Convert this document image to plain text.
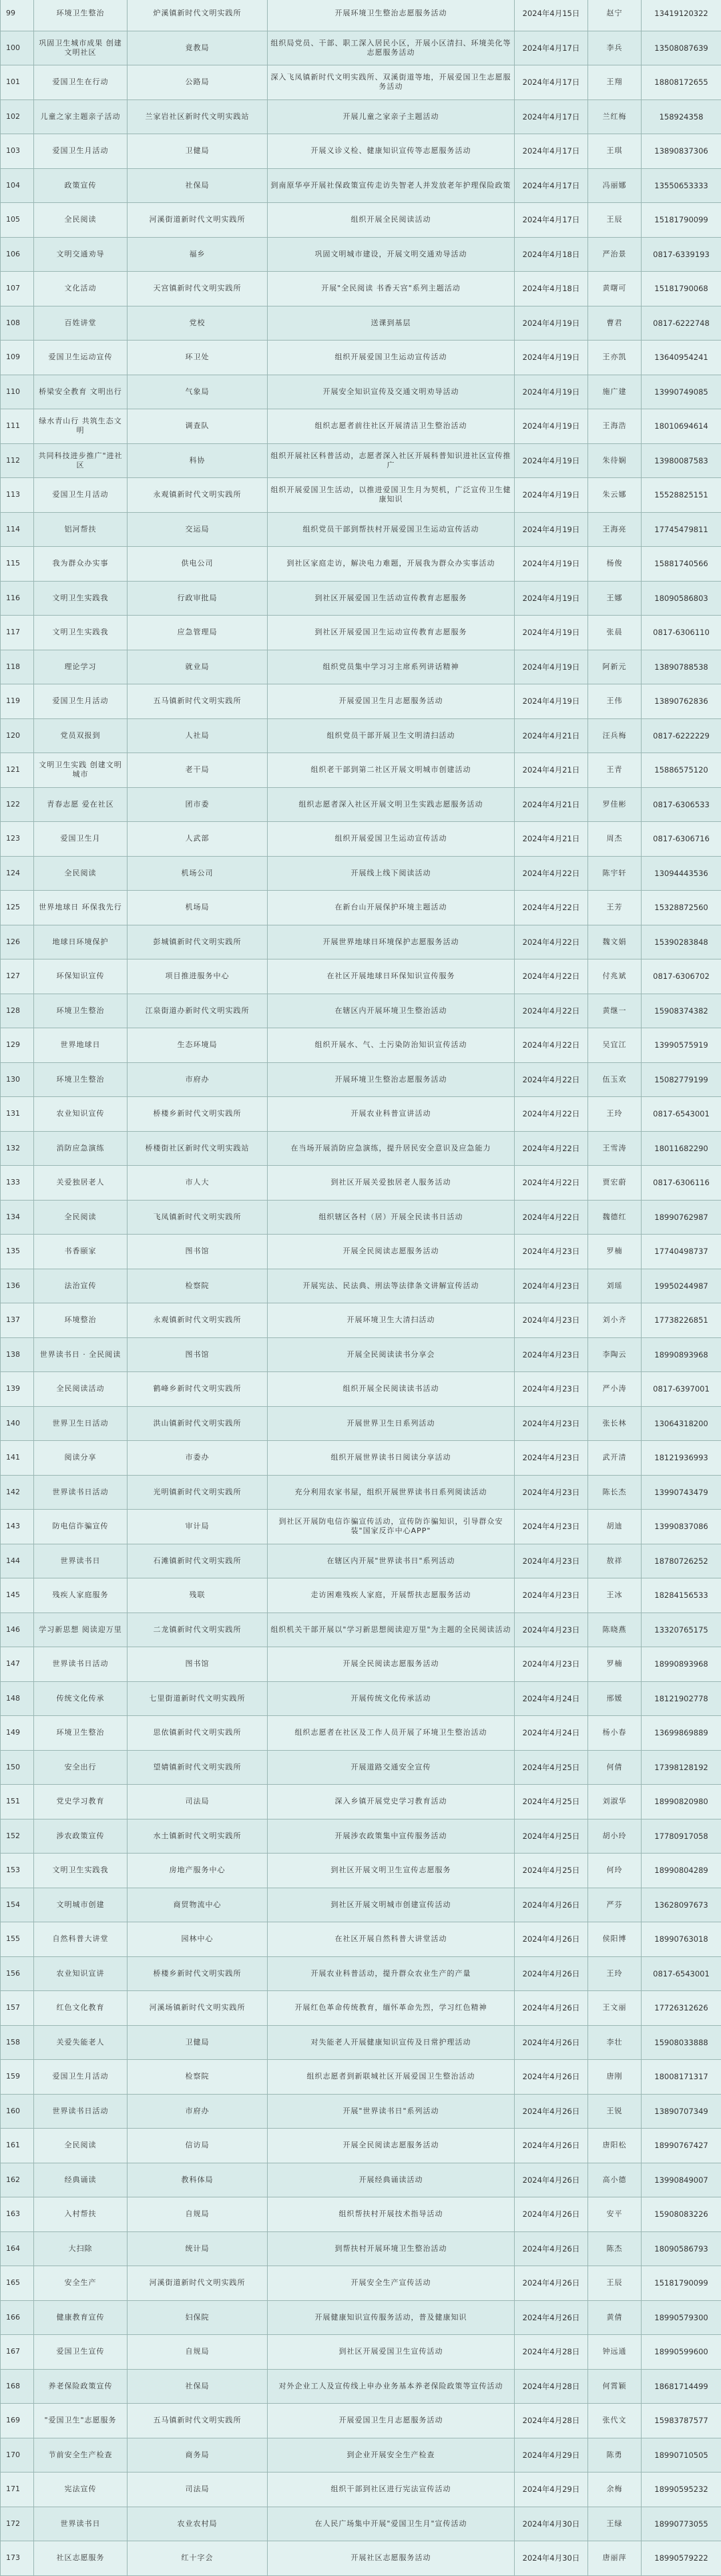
99	环境卫生整治	炉溪镇新时代文明实践所	开展环境卫生整治志愿服务活动	2024年4月15日	赵宁	13419120322
100	巩固卫生城市成果 创建文明社区	竟教局	组织局党员、干部、职工深入居民小区，开展小区清扫、环境美化等志愿服务活动	2024年4月17日	李兵	13508087639
101	爱国卫生在行动	公路局	深入飞凤镇新时代文明实践所、双溪街道等地，开展爱国卫生志愿服务活动	2024年4月17日	王翔	18808172655
102	儿童之家主题亲子活动	兰家岩社区新时代文明实践站	开展儿童之家亲子主题活动	2024年4月17日	兰红梅	158924358
103	爱国卫生月活动	卫健局	开展义诊义检、健康知识宣传等志愿服务活动	2024年4月17日	王琪	13890837306
104	政策宣传	社保局	到南原华亭开展社保政策宣传走访失智老人并发放老年护理保险政策	2024年4月17日	冯丽娜	13550653333
105	全民阅读	河溪街道新时代文明实践所	组织开展全民阅读活动	2024年4月17日	王辰	15181790099
106	文明交通劝导	福乡	巩固文明城市建设，开展文明交通劝导活动	2024年4月18日	严治景	0817-6339193
107	文化活动	天宫镇新时代文明实践所	开展"全民阅读 书香天宫"系列主题活动	2024年4月18日	黄曙可	15181790068
108	百姓讲堂	党校	送课到基层	2024年4月19日	曹君	0817-6222748
109	爱国卫生运动宣传	环卫处	组织开展爱国卫生运动宣传活动	2024年4月19日	王亦凯	13640954241
110	桥梁安全教育 文明出行	气象局	开展安全知识宣传及交通文明劝导活动	2024年4月19日	施广建	13990749085
111	绿水青山行 共筑生态文明	调查队	组织志愿者前往社区开展清洁卫生整治活动	2024年4月19日	王海浩	18010694614
112	共同科技进步推广"进社区	科协	组织开展社区科普活动，志愿者深入社区开展科普知识进社区宣传推广	2024年4月19日	朱待娴	13980087583
113	爱国卫生月活动	永观镇新时代文明实践所	组织开展爱国卫生活动，以推进爱国卫生月为契机，广泛宣传卫生健康知识	2024年4月19日	朱云娜	15528825151
114	铝河帮扶	交运局	组织党员干部到帮扶村开展爱国卫生运动宣传活动	2024年4月19日	王海亮	17745479811
115	我为群众办实事	供电公司	到社区家庭走访，解决电力难题，开展我为群众办实事活动	2024年4月19日	杨俊	15881740566
116	文明卫生实践我	行政审批局	到社区开展爱国卫生活动宣传教育志愿服务	2024年4月19日	王娜	18090586803
117	文明卫生实践我	应急管理局	到社区开展爱国卫生运动宣传教育志愿服务	2024年4月19日	张晨	0817-6306110
118	理论学习	就业局	组织党员集中学习习主席系列讲话精神	2024年4月19日	阿新元	13890788538
119	爱国卫生月活动	五马镇新时代文明实践所	开展爱国卫生月志愿服务活动	2024年4月19日	王伟	13890762836
120	党员双报到	人社局	组织党员干部开展卫生文明清扫活动	2024年4月21日	汪兵梅	0817-6222229
121	文明卫生实践 创建文明城市	老干局	组织老干部到第二社区开展文明城市创建活动	2024年4月21日	王青	15886575120
122	青春志愿 爱在社区	团市委	组织志愿者深入社区开展文明卫生实践志愿服务活动	2024年4月21日	罗佳彬	0817-6306533
123	爱国卫生月	人武部	组织开展爱国卫生运动宣传活动	2024年4月21日	周杰	0817-6306716
124	全民阅读	机场公司	开展线上线下阅读活动	2024年4月22日	陈宇轩	13094443536
125	世界地球日 环保我先行	机场局	在新台山开展保护环境主题活动	2024年4月22日	王芳	15328872560
126	地球日环境保护	彭城镇新时代文明实践所	开展世界地球日环境保护志愿服务活动	2024年4月22日	魏文娟	15390283848
127	环保知识宣传	项目推进服务中心	在社区开展地球日环保知识宣传服务	2024年4月22日	付兆斌	0817-6306702
128	环境卫生整治	江泉街道办新时代文明实践所	在辖区内开展环境卫生整治活动	2024年4月22日	黄继一	15908374382
129	世界地球日	生态环境局	组织开展水、气、土污染防治知识宣传活动	2024年4月22日	吴宜江	13990575919
130	环境卫生整治	市府办	开展环境卫生整治志愿服务活动	2024年4月22日	伍玉欢	15082779199
131	农业知识宣传	桥楼乡新时代文明实践所	开展农业科普宣讲活动	2024年4月22日	王玲	0817-6543001
132	消防应急演练	桥楼街社区新时代文明实践站	在当场开展消防应急演练，提升居民安全意识及应急能力	2024年4月22日	王雪涛	18011682290
133	关爱独居老人	市人大	到社区开展关爱独居老人服务活动	2024年4月22日	贾宏蔚	0817-6306116
134	全民阅读	飞凤镇新时代文明实践所	组织辖区各村（居）开展全民读书日活动	2024年4月22日	魏德红	18990762987
135	书香颐家	图书馆	开展全民阅读志愿服务活动	2024年4月23日	罗楠	17740498737
136	法治宣传	检察院	开展宪法、民法典、刑法等法律条文讲解宣传活动	2024年4月23日	刘瑶	19950244987
137	环境整治	永观镇新时代文明实践所	开展环境卫生大清扫活动	2024年4月23日	刘小齐	17738226851
138	世界读书日 · 全民阅读	图书馆	开展全民阅读读书分享会	2024年4月23日	李陶云	18990893968
139	全民阅读活动	鹤峰乡新时代文明实践所	组织开展全民阅读读书活动	2024年4月23日	严小涛	0817-6397001
140	世界卫生日活动	洪山镇新时代文明实践所	开展世界卫生日系列活动	2024年4月23日	张长林	13064318200
141	阅读分享	市委办	组织开展世界读书日阅读分享活动	2024年4月23日	武开清	18121936993
142	世界读书日活动	光明镇新时代文明实践所	充分利用农家书屋，组织开展世界读书日系列阅读活动	2024年4月23日	陈长杰	13990743479
143	防电信诈骗宣传	审计局	到社区开展防电信诈骗宣传活动，宣传防诈骗知识，引导群众安装"国家反诈中心APP"	2024年4月23日	胡迪	13990837086
144	世界读书日	石滩镇新时代文明实践所	在辖区内开展"世界读书日"系列活动	2024年4月23日	敖祥	18780726252
145	残疾人家庭服务	残联	走访困难残疾人家庭，开展帮扶志愿服务活动	2024年4月23日	王冰	18284156533
146	学习新思想 阅读迎万里	二龙镇新时代文明实践所	组织机关干部开展以"学习新思想阅读迎万里"为主题的全民阅读活动	2024年4月23日	陈晓燕	13320765175
147	世界读书日活动	图书馆	开展全民阅读志愿服务活动	2024年4月23日	罗楠	18990893968
148	传统文化传承	七里街道新时代文明实践所	开展传统文化传承活动	2024年4月24日	邢媛	18121902778
149	环境卫生整治	思依镇新时代文明实践所	组织志愿者在社区及工作人员开展了环境卫生整治活动	2024年4月24日	杨小春	13699869889
150	安全出行	望婧镇新时代文明实践所	开展道路交通安全宣传	2024年4月25日	何倩	17398128192
151	党史学习教育	司法局	深入乡镇开展党史学习教育活动	2024年4月25日	刘淑华	18990820980
152	涉农政策宣传	水土镇新时代文明实践所	开展涉农政策集中宣传服务活动	2024年4月25日	胡小玲	17780917058
153	文明卫生实践我	房地产服务中心	到社区开展文明卫生宣传志愿服务	2024年4月25日	何玲	18990804289
154	文明城市创建	商贸物流中心	到社区开展文明城市创建宣传活动	2024年4月26日	严芬	13628097673
155	自然科普大讲堂	园林中心	在社区开展自然科普大讲堂活动	2024年4月26日	侯阳博	18990763018
156	农业知识宣讲	桥楼乡新时代文明实践所	开展农业科普活动，提升群众农业生产的产量	2024年4月26日	王玲	0817-6543001
157	红色文化教育	河溪场镇新时代文明实践所	开展红色革命传统教育，缅怀革命先烈，学习红色精神	2024年4月26日	王文丽	17726312626
158	关爱失能老人	卫健局	对失能老人开展健康知识宣传及日常护理活动	2024年4月26日	李壮	15908033888
159	爱国卫生月活动	检察院	组织志愿者到新联城社区开展爱国卫生整治活动	2024年4月26日	唐刚	18008171317
160	世界读书日活动	市府办	开展"世界读书日"系列活动	2024年4月26日	王锐	13890707349
161	全民阅读	信访局	开展全民阅读志愿服务活动	2024年4月26日	唐阳松	18990767427
162	经典诵读	教科体局	开展经典诵读活动	2024年4月26日	高小德	13990849007
163	入村帮扶	自规局	组织帮扶村开展技术指导活动	2024年4月26日	安平	15908083226
164	大扫除	统计局	到帮扶村开展环境卫生整治活动	2024年4月26日	陈杰	18090586793
165	安全生产	河溪街道新时代文明实践所	开展安全生产宣传活动	2024年4月26日	王辰	15181790099
166	健康教育宣传	妇保院	开展健康知识宣传服务活动，普及健康知识	2024年4月26日	黄倩	18990579300
167	爱国卫生宣传	自规局	到社区开展爱国卫生宣传活动	2024年4月28日	钟远通	18990599600
168	养老保险政策宣传	社保局	对外企业工人及宣传线上申办业务基本养老保险政策等宣传活动	2024年4月28日	何霄颖	18681714499
169	"爱国卫生"志愿服务	五马镇新时代文明实践所	开展爱国卫生月志愿服务活动	2024年4月28日	张代文	15983787577
170	节前安全生产检查	商务局	到企业开展安全生产检查	2024年4月29日	陈勇	18990710505
171	宪法宣传	司法局	组织干部到社区进行宪法宣传活动	2024年4月29日	余梅	18990595232
172	世界读书日	农业农村局	在人民广场集中开展"爱国卫生月"宣传活动	2024年4月30日	王绿	18990773055
173	社区志愿服务	红十字会	开展社区志愿服务活动	2024年4月30日	唐丽萍	18990579222
